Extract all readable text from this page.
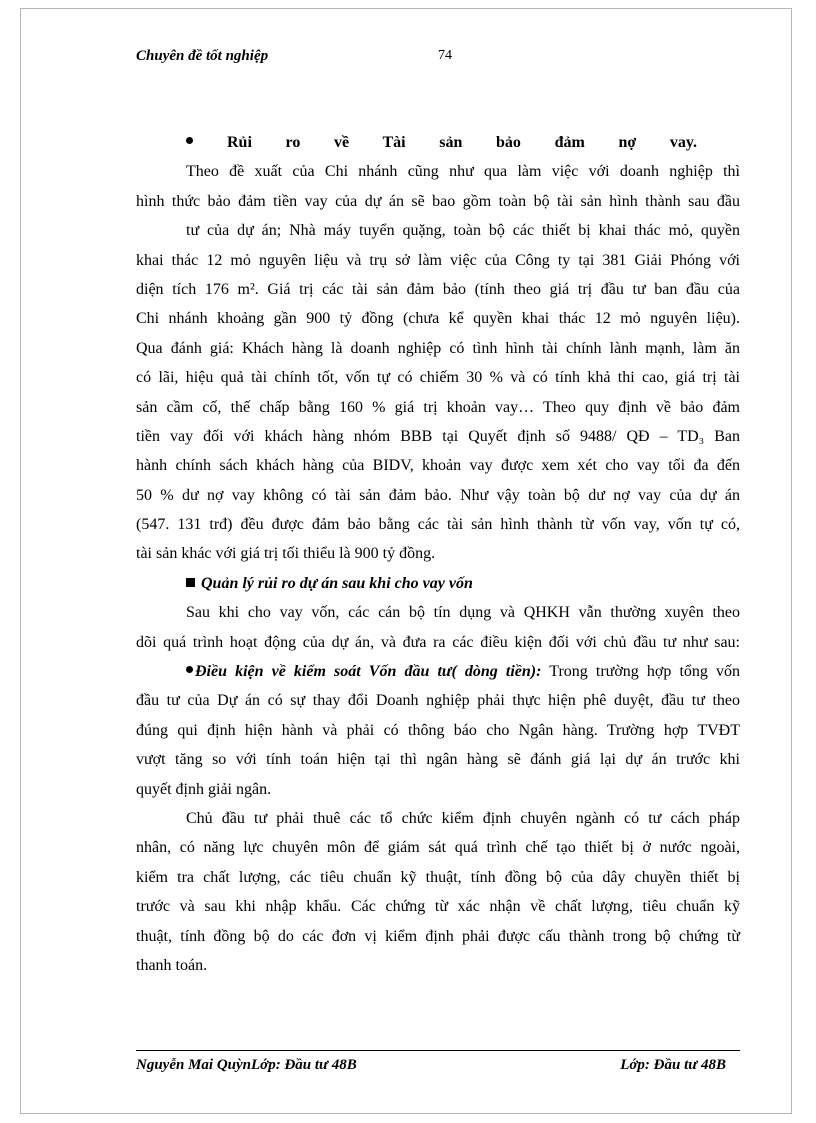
Chuyên đề tốt nghiệp	74
Rủi ro về Tài sản bảo đảm nợ vay.
Theo đề xuất của Chi nhánh cũng như qua làm việc với doanh nghiệp thì
hình thức bảo đảm tiền vay của dự án sẽ bao gồm toàn bộ tài sản hình thành sau đầu
tư của dự án; Nhà máy tuyển quặng, toàn bộ các thiết bị khai thác mỏ, quyền
khai thác 12 mỏ nguyên liệu và trụ sở làm việc của Công ty tại 381 Giải Phóng với
diện tích 176 m². Giá trị các tài sản đảm bảo (tính theo giá trị đầu tư ban đầu của
Chi nhánh khoảng gần 900 tỷ đồng (chưa kể quyền khai thác 12 mỏ nguyên liệu).
Qua đánh giá: Khách hàng là doanh nghiệp có tình hình tài chính lành mạnh, làm ăn
có lãi, hiệu quả tài chính tốt, vốn tự có chiếm 30 % và có tính khả thi cao, giá trị tài
sản cầm cố, thế chấp bằng 160 % giá trị khoản vay… Theo quy định về bảo đảm
tiền vay đối với khách hàng nhóm BBB tại Quyết định số 9488/ QĐ – TD₃ Ban
hành chính sách khách hàng của BIDV, khoản vay được xem xét cho vay tối đa đến
50 % dư nợ vay không có tài sản đảm bảo. Như vậy toàn bộ dư nợ vay của dự án
(547. 131 trđ) đều được đảm bảo bằng các tài sản hình thành từ vốn vay, vốn tự có,
tài sản khác với giá trị tối thiểu là 900 tỷ đồng.
Quản lý rủi ro dự án sau khi cho vay vốn
Sau khi cho vay vốn, các cán bộ tín dụng và QHKH vẫn thường xuyên theo
dõi quá trình hoạt động của dự án, và đưa ra các điều kiện đối với chủ đầu tư như sau:
Điều kiện về kiểm soát Vốn đầu tư( dòng tiền): Trong trường hợp tổng vốn
đầu tư của Dự án có sự thay đổi Doanh nghiệp phải thực hiện phê duyệt, đầu tư theo
đúng qui định hiện hành và phải có thông báo cho Ngân hàng. Trường hợp TVĐT
vượt tăng so với tính toán hiện tại thì ngân hàng sẽ đánh giá lại dự án trước khi
quyết định giải ngân.
Chủ đầu tư phải thuê các tổ chức kiểm định chuyên ngành có tư cách pháp
nhân, có năng lực chuyên môn để giám sát quá trình chế tạo thiết bị ở nước ngoài,
kiểm tra chất lượng, các tiêu chuẩn kỹ thuật, tính đồng bộ của dây chuyền thiết bị
trước và sau khi nhập khẩu. Các chứng từ xác nhận về chất lượng, tiêu chuẩn kỹ
thuật, tính đồng bộ do các đơn vị kiểm định phải được cấu thành trong bộ chứng từ
thanh toán.
Nguyễn Mai QuỳnLớp: Đầu tư 48B	Lớp: Đầu tư 48B
